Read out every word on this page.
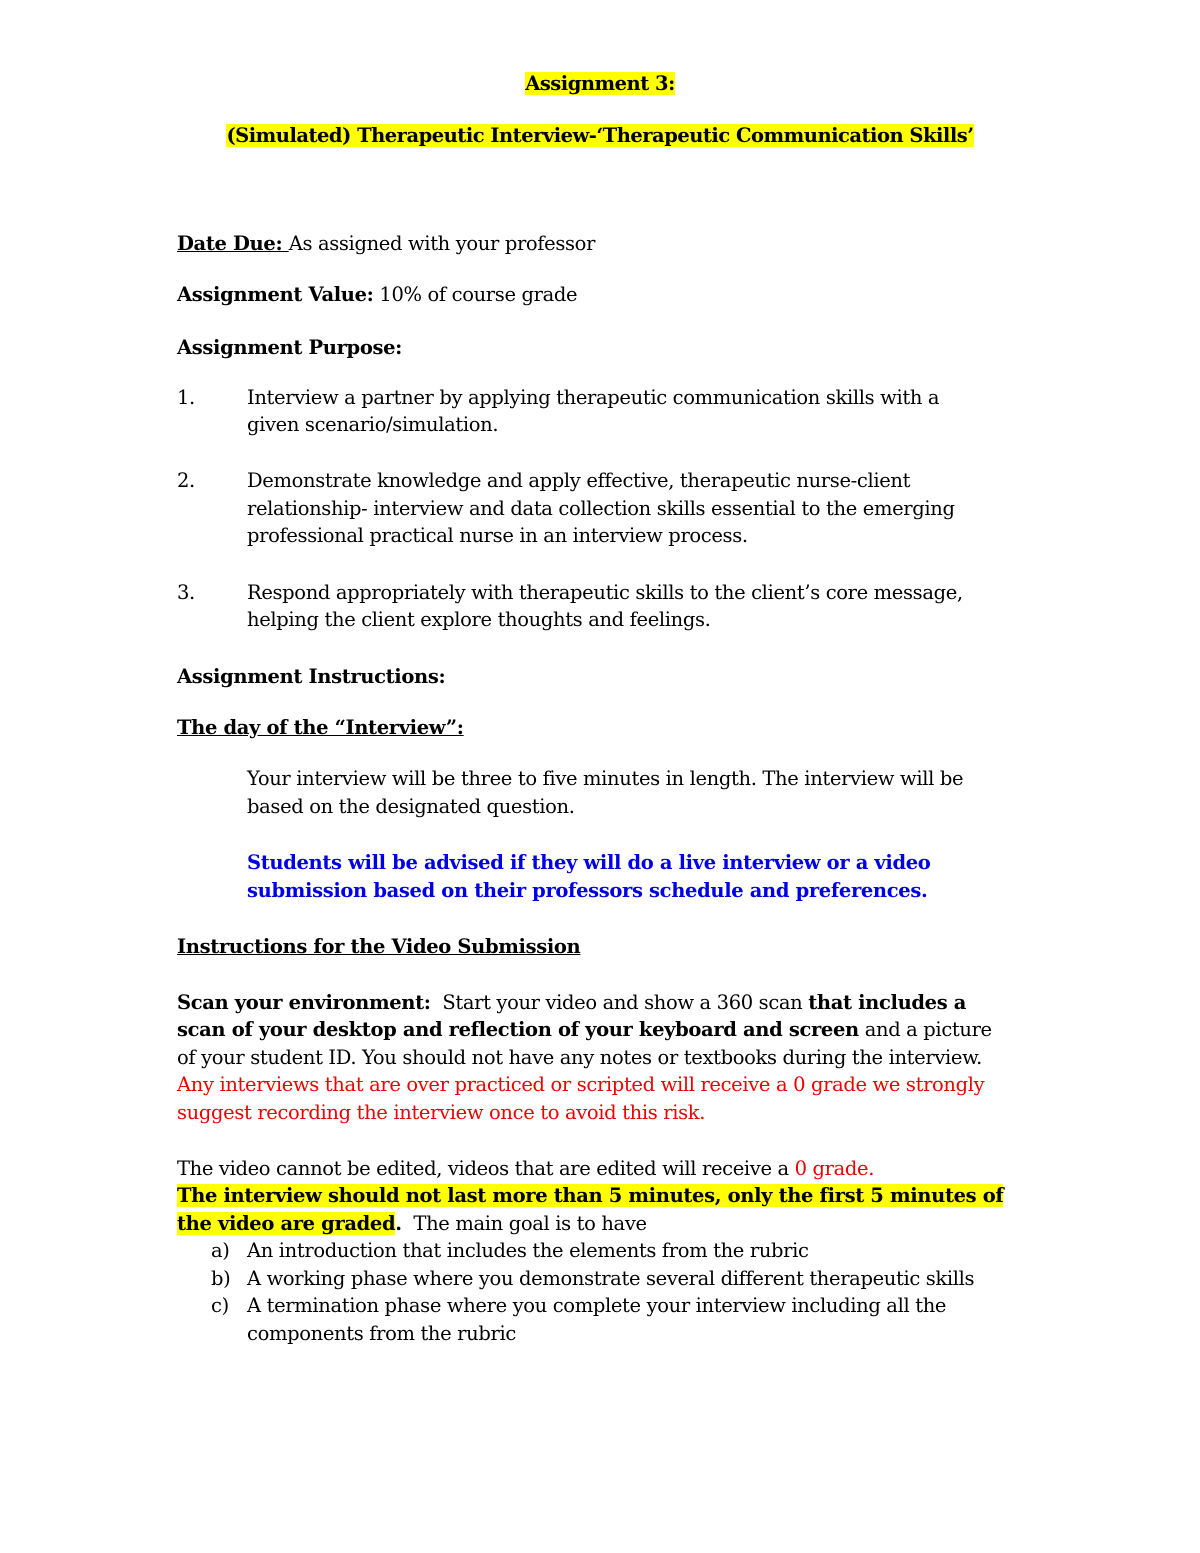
Assignment 3:
(Simulated) Therapeutic Interview-‘Therapeutic Communication Skills’
Date Due: As assigned with your professor
Assignment Value: 10% of course grade
Assignment Purpose:
1.	Interview a partner by applying therapeutic communication skills with a
given scenario/simulation.
2.	Demonstrate knowledge and apply effective, therapeutic nurse-client
relationship- interview and data collection skills essential to the emerging
professional practical nurse in an interview process.
3.	Respond appropriately with therapeutic skills to the client’s core message,
helping the client explore thoughts and feelings.
Assignment Instructions:
The day of the “Interview”:
Your interview will be three to five minutes in length. The interview will be
based on the designated question.
Students will be advised if they will do a live interview or a video
submission based on their professors schedule and preferences.
Instructions for the Video Submission
Scan your environment:  Start your video and show a 360 scan that includes a
scan of your desktop and reflection of your keyboard and screen and a picture
of your student ID. You should not have any notes or textbooks during the interview.
Any interviews that are over practiced or scripted will receive a 0 grade we strongly
suggest recording the interview once to avoid this risk.
The video cannot be edited, videos that are edited will receive a 0 grade.
The interview should not last more than 5 minutes, only the first 5 minutes of
the video are graded.  The main goal is to have
a) An introduction that includes the elements from the rubric
b) A working phase where you demonstrate several different therapeutic skills
c) A termination phase where you complete your interview including all the
components from the rubric
